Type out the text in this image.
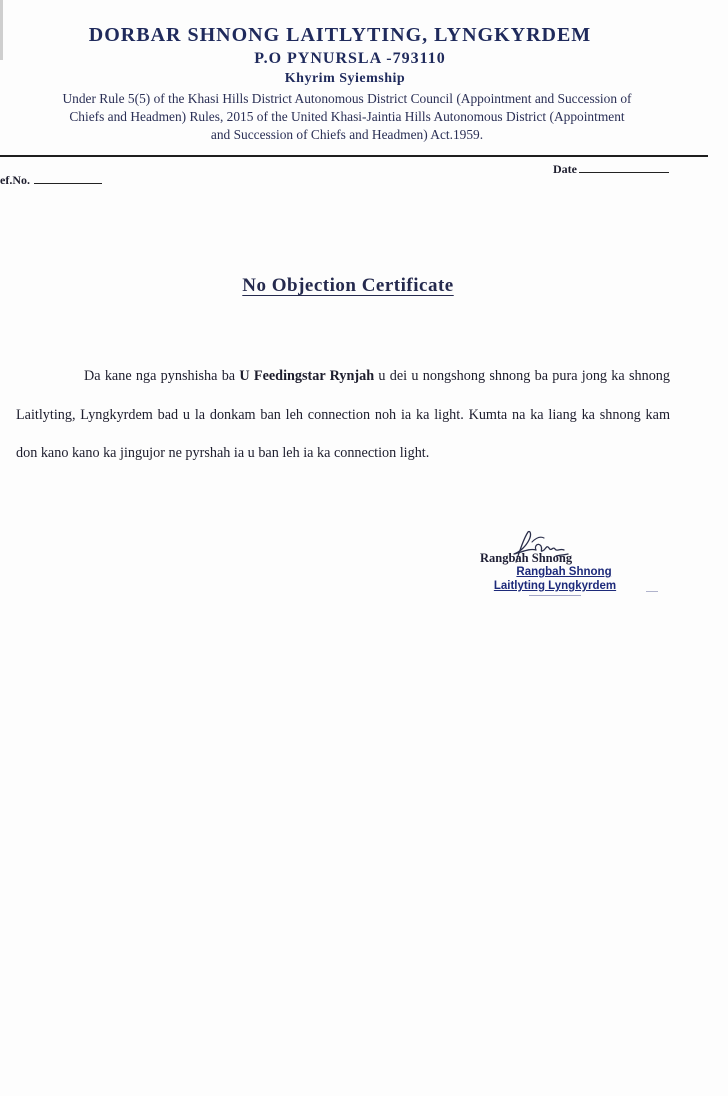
DORBAR SHNONG LAITLYTING, LYNGKYRDEM
P.O PYNURSLA -793110
Khyrim Syiemship
Under Rule 5(5) of the Khasi Hills District Autonomous District Council (Appointment and Succession of
Chiefs and Headmen) Rules, 2015 of the United Khasi-Jaintia Hills Autonomous District (Appointment
and Succession of Chiefs and Headmen) Act.1959.
ef.No.
Date
No Objection Certificate
Da kane nga pynshisha ba U Feedingstar Rynjah u dei u nongshong shnong ba pura jong ka shnong Laitlyting, Lyngkyrdem bad u la donkam ban leh connection noh ia ka light. Kumta na ka liang ka shnong kam don kano kano ka jingujor ne pyrshah ia u ban leh ia ka connection light.
Rangbah Shnong
Rangbah Shnong
Laitlyting Lyngkyrdem
